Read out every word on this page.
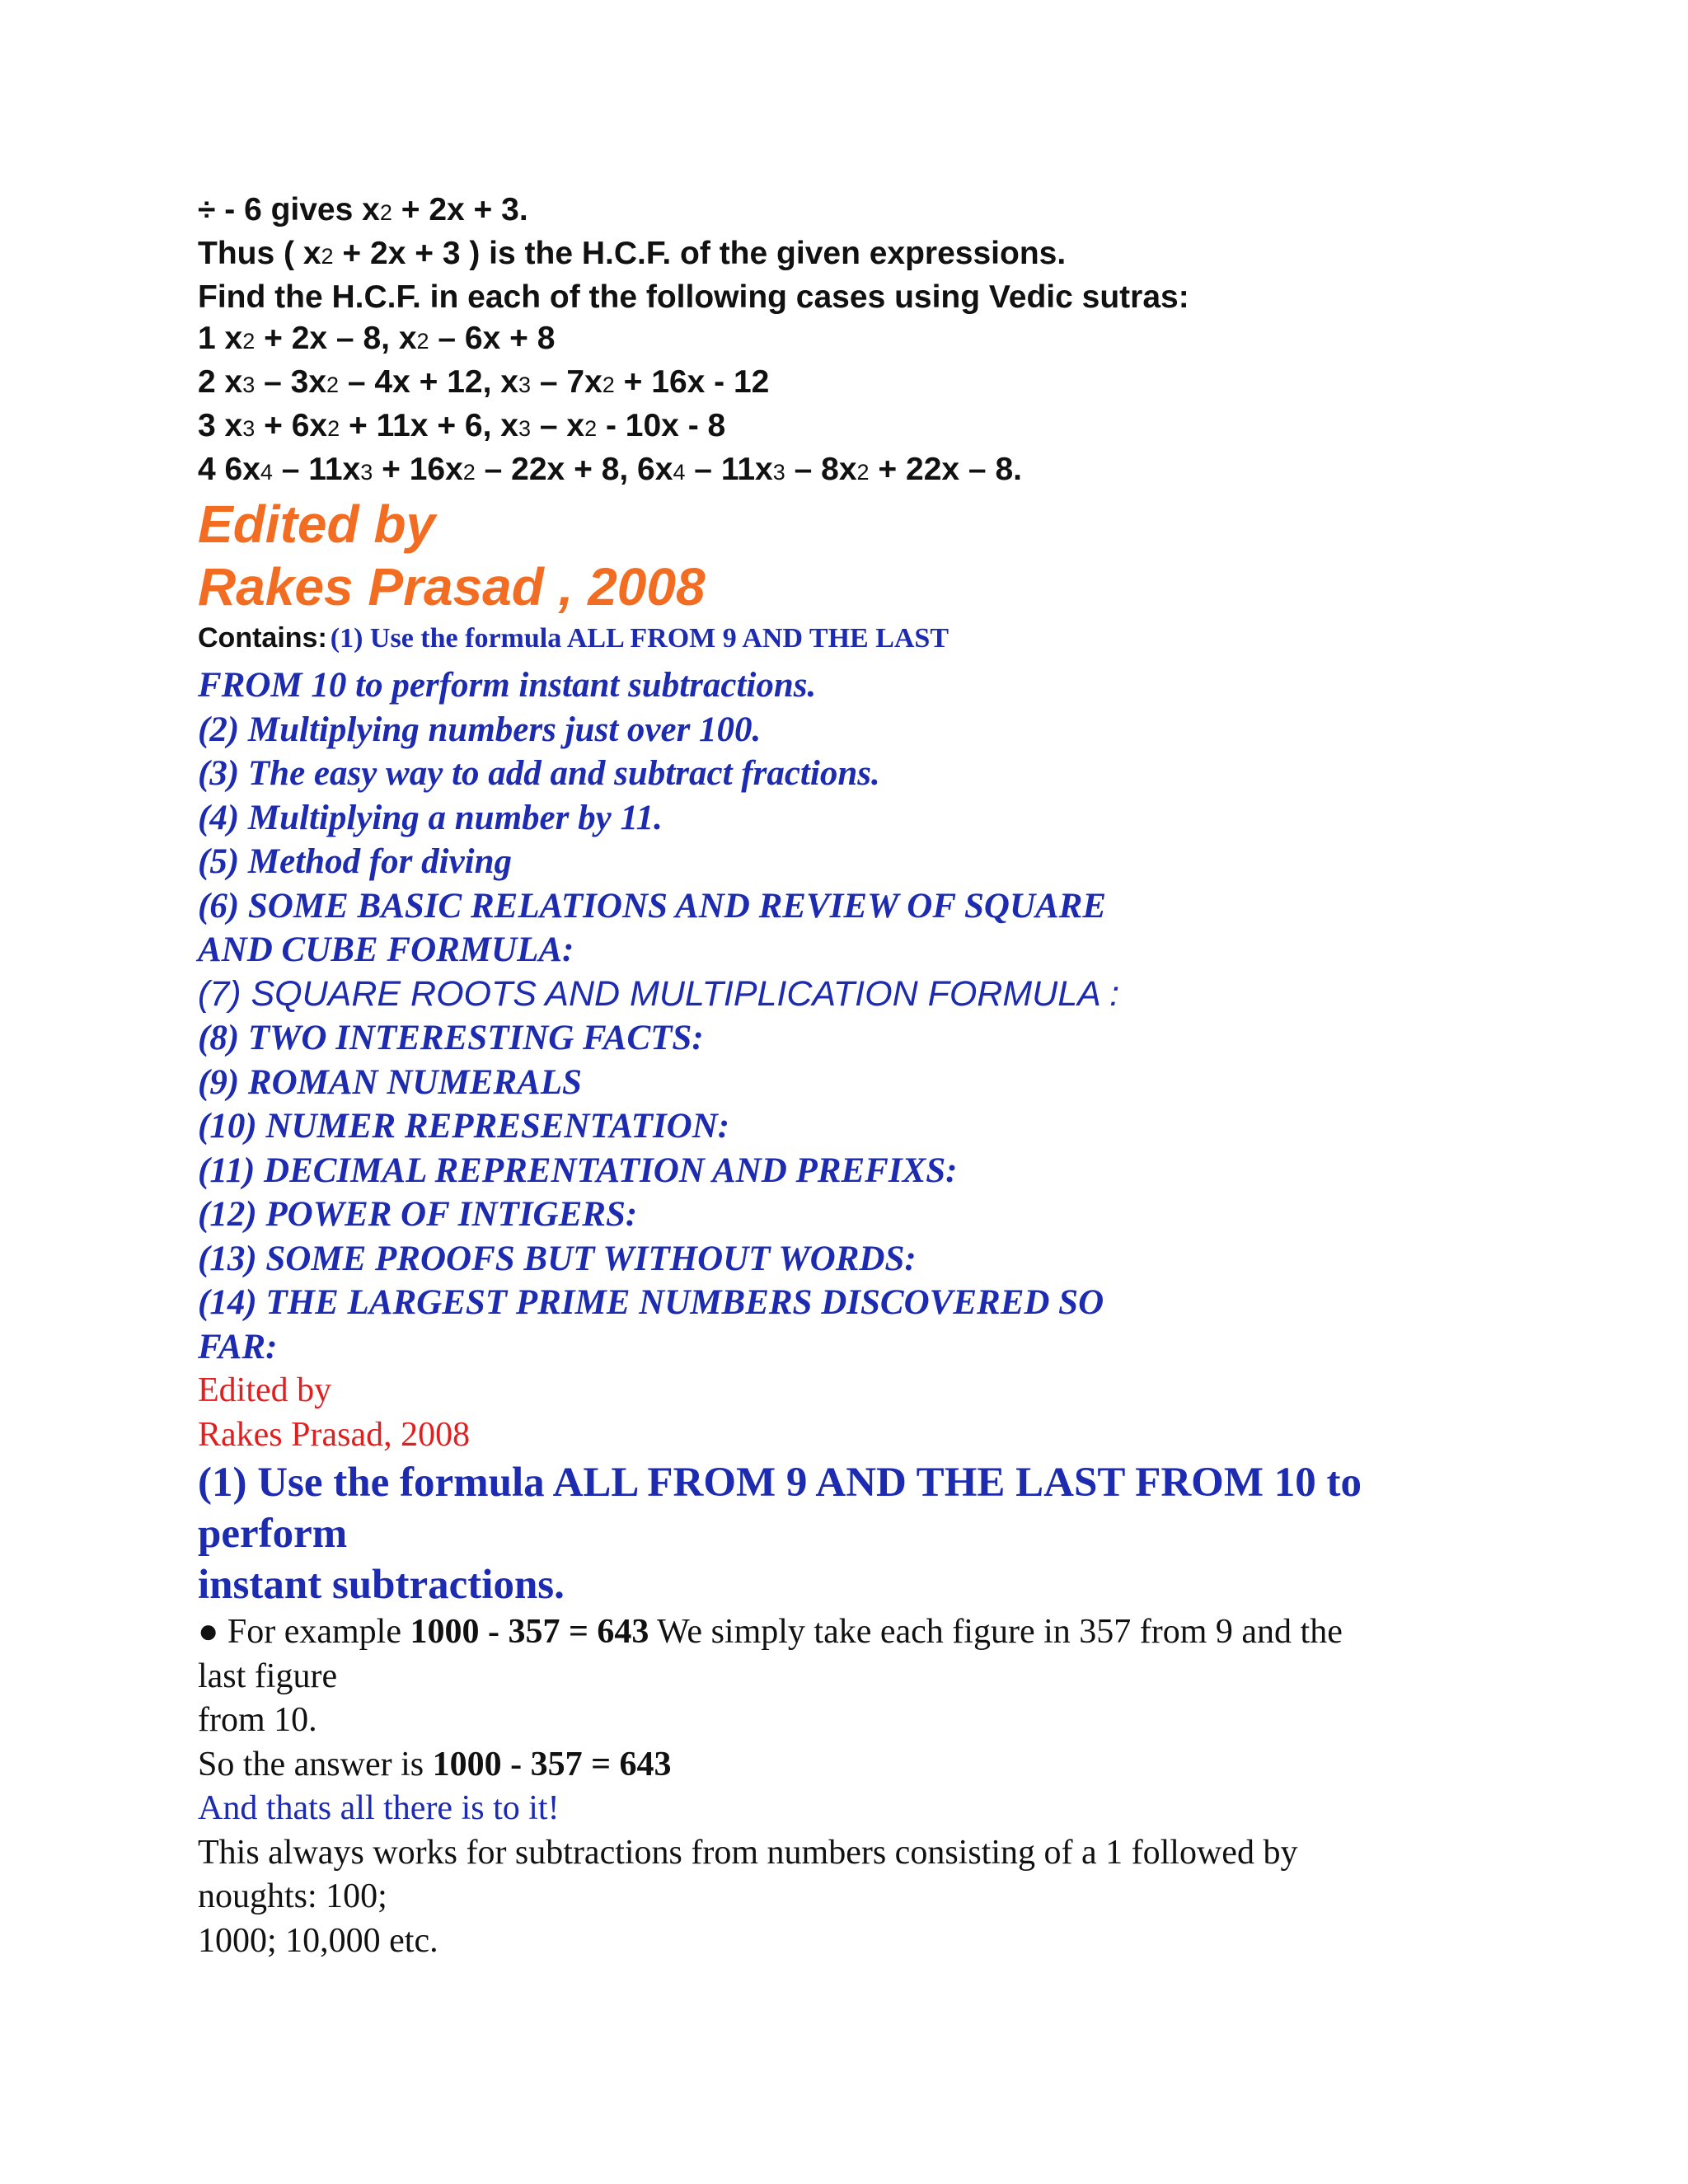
÷ - 6 gives x2 + 2x + 3.
Thus ( x2 + 2x + 3 ) is the H.C.F. of the given expressions.
Find the H.C.F. in each of the following cases using Vedic sutras:
1 x2 + 2x – 8, x2 – 6x + 8
2 x3 – 3x2 – 4x + 12, x3 – 7x2 + 16x - 12
3 x3 + 6x2 + 11x + 6, x3 – x2 - 10x - 8
4 6x4 – 11x3 + 16x2 – 22x + 8, 6x4 – 11x3 – 8x2 + 22x – 8.
Edited by
Rakes Prasad , 2008
Contains: (1) Use the formula ALL FROM 9 AND THE LAST
FROM 10 to perform instant subtractions.
(2) Multiplying numbers just over 100.
(3) The easy way to add and subtract fractions.
(4) Multiplying a number by 11.
(5) Method for diving
(6) SOME BASIC RELATIONS AND REVIEW OF SQUARE
AND CUBE FORMULA:
(7) SQUARE ROOTS AND MULTIPLICATION FORMULA :
(8) TWO INTERESTING FACTS:
(9) ROMAN NUMERALS
(10) NUMER REPRESENTATION:
(11) DECIMAL REPRENTATION AND PREFIXS:
(12) POWER OF INTIGERS:
(13) SOME PROOFS BUT WITHOUT WORDS:
(14) THE LARGEST PRIME NUMBERS DISCOVERED SO
FAR:
Edited by
Rakes Prasad, 2008
(1) Use the formula ALL FROM 9 AND THE LAST FROM 10 to
perform
instant subtractions.
● For example 1000 - 357 = 643 We simply take each figure in 357 from 9 and the
last figure
from 10.
So the answer is 1000 - 357 = 643
And thats all there is to it!
This always works for subtractions from numbers consisting of a 1 followed by
noughts: 100;
1000; 10,000 etc.
